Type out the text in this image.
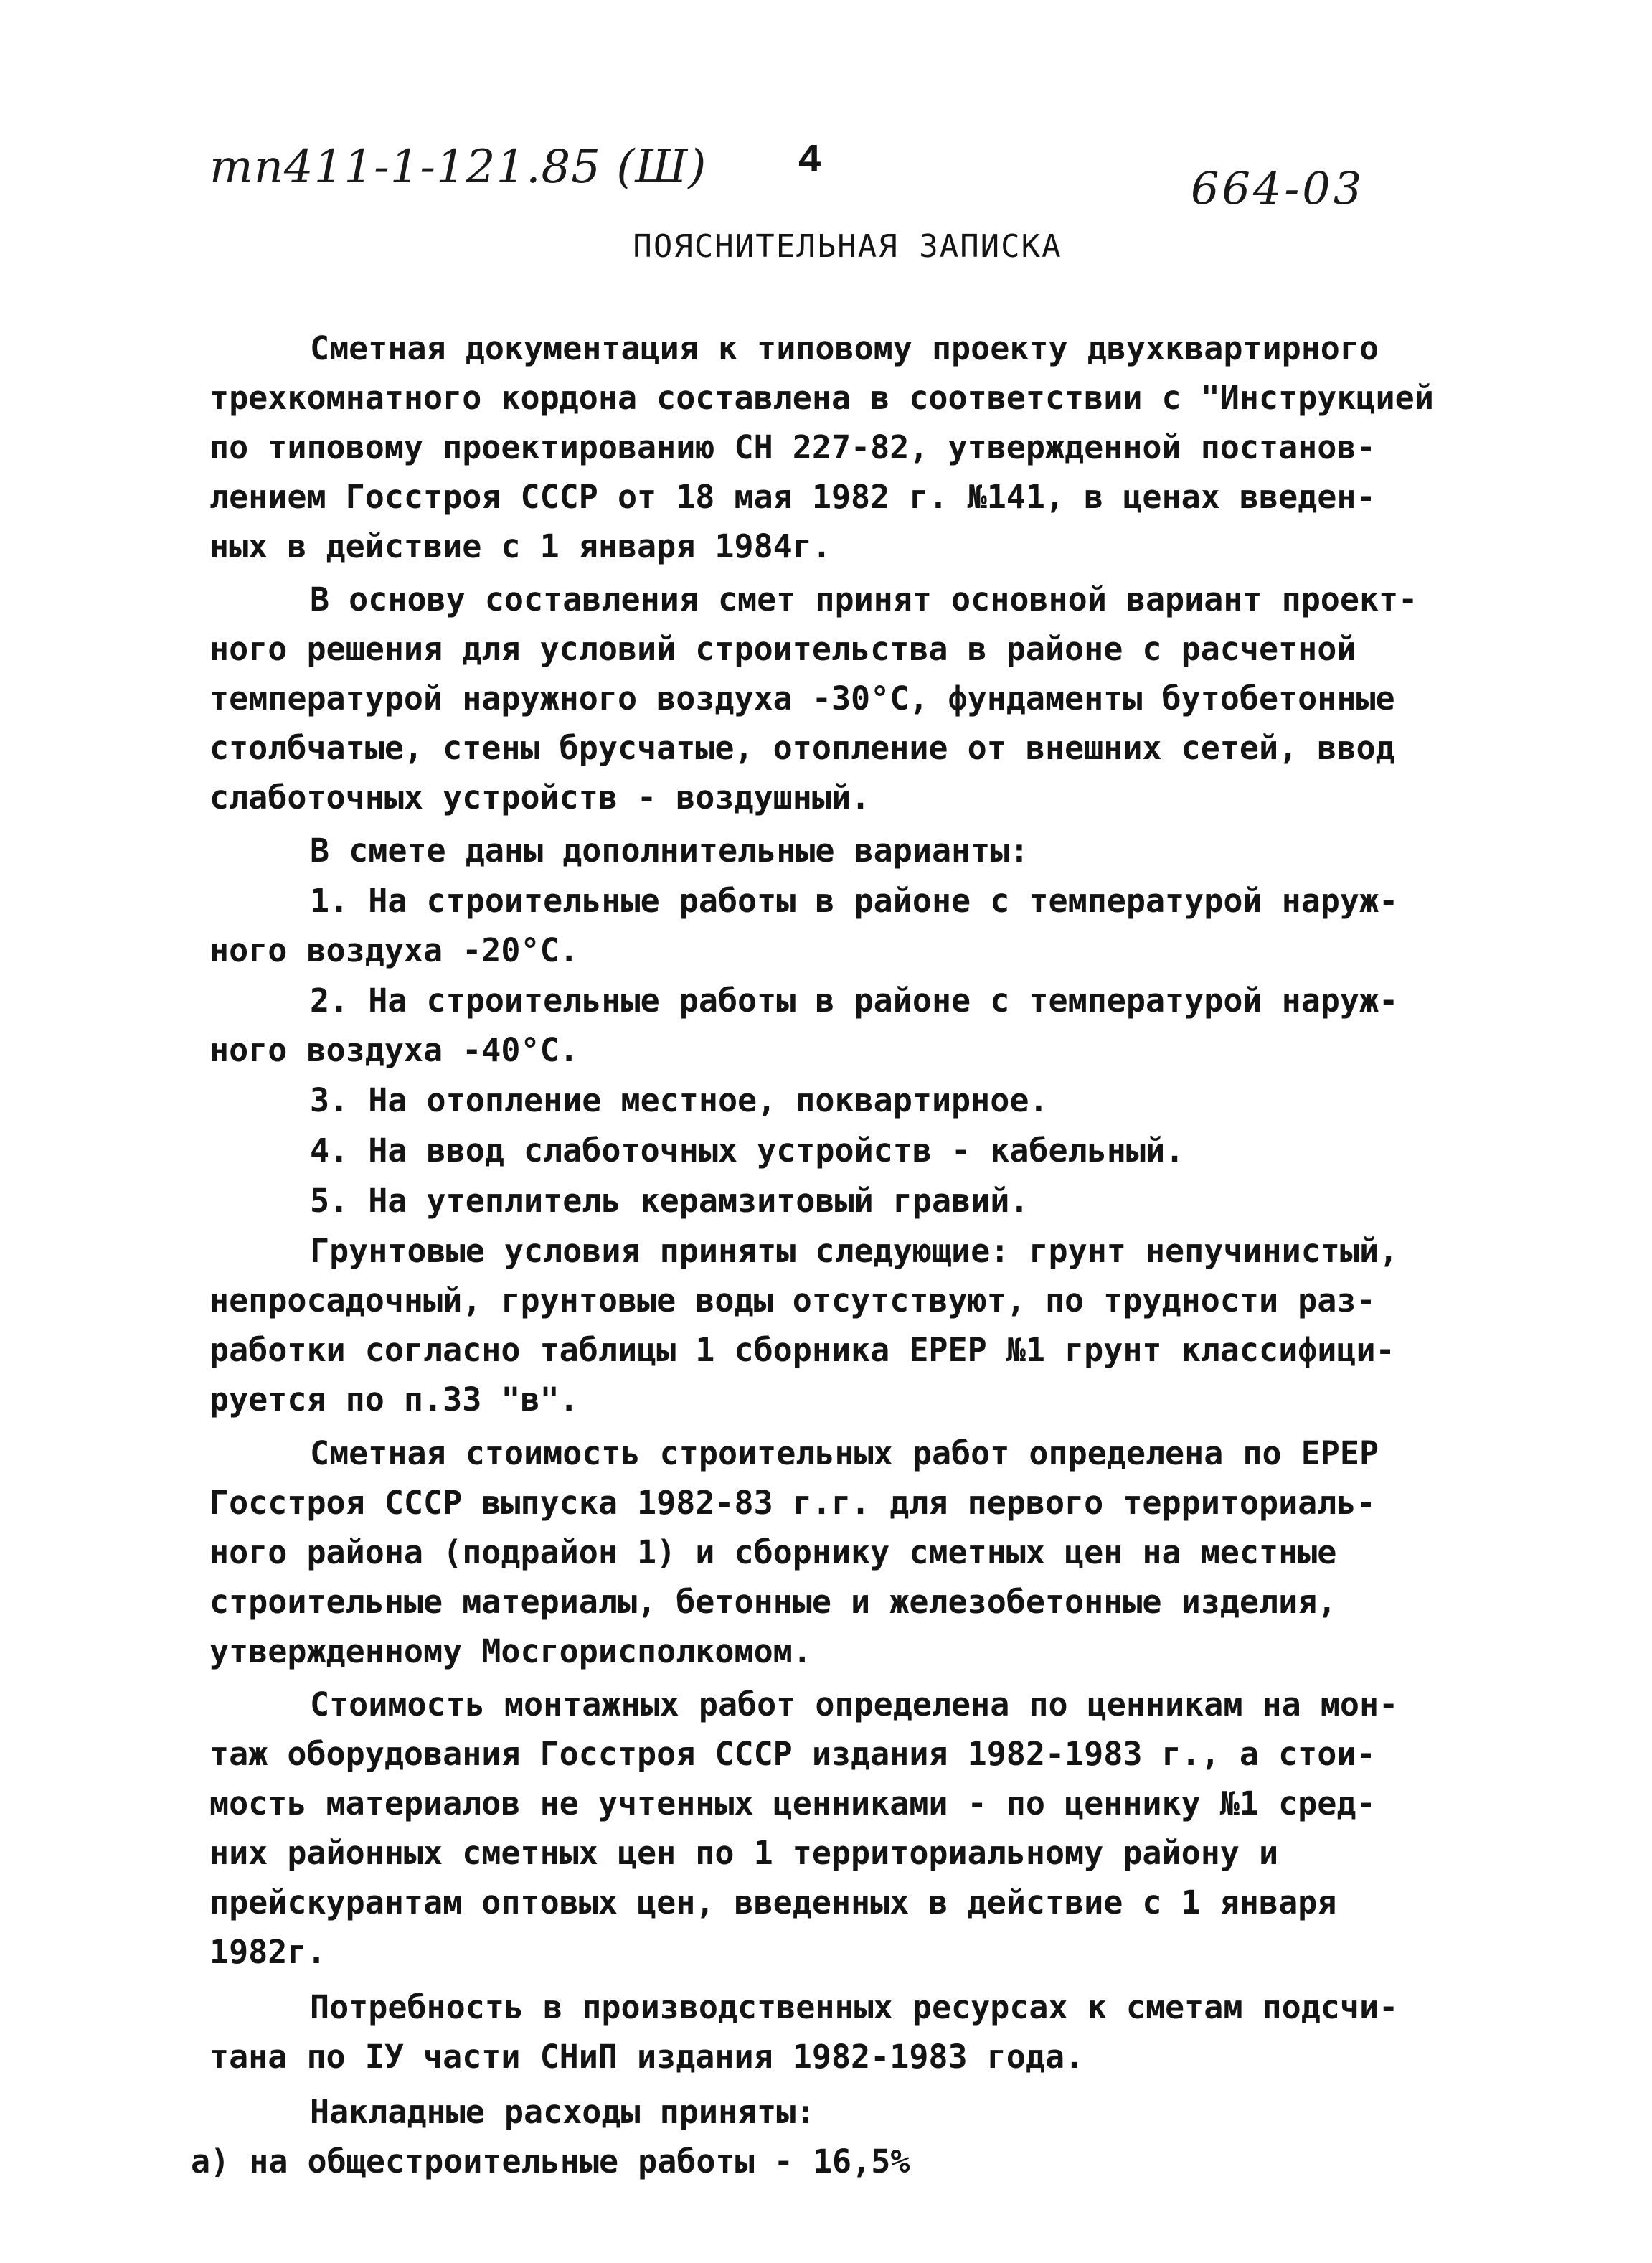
тп411-1-121.85 (Ш) 4
664-03
ПОЯСНИТЕЛЬНАЯ ЗАПИСКА
Сметная документация к типовому проекту двухквартирного
трехкомнатного кордона составлена в соответствии с "Инструкцией
по типовому проектированию СН 227-82, утвержденной постанов-
лением Госстроя СССР от 18 мая 1982 г. №141, в ценах введен-
ных в действие с 1 января 1984г.
В основу составления смет принят основной вариант проект-
ного решения для условий строительства в районе с расчетной
температурой наружного воздуха -30°С, фундаменты бутобетонные
столбчатые, стены брусчатые, отопление от внешних сетей, ввод
слаботочных устройств - воздушный.
В смете даны дополнительные варианты:
1. На строительные работы в районе с температурой наруж-
ного воздуха -20°С.
2. На строительные работы в районе с температурой наруж-
ного воздуха -40°С.
3. На отопление местное, поквартирное.
4. На ввод слаботочных устройств - кабельный.
5. На утеплитель керамзитовый гравий.
Грунтовые условия приняты следующие: грунт непучинистый,
непросадочный, грунтовые воды отсутствуют, по трудности раз-
работки согласно таблицы 1 сборника ЕРЕР №1 грунт классифици-
руется по п.33 "в".
Сметная стоимость строительных работ определена по ЕРЕР
Госстроя СССР выпуска 1982-83 г.г. для первого территориаль-
ного района (подрайон 1) и сборнику сметных цен на местные
строительные материалы, бетонные и железобетонные изделия,
утвержденному Мосгорисполкомом.
Стоимость монтажных работ определена по ценникам на мон-
таж оборудования Госстроя СССР издания 1982-1983 г., а стои-
мость материалов не учтенных ценниками - по ценнику №1 сред-
них районных сметных цен по 1 территориальному району и
прейскурантам оптовых цен, введенных в действие с 1 января
1982г.
Потребность в производственных ресурсах к сметам подсчи-
тана по IУ части СНиП издания 1982-1983 года.
Накладные расходы приняты:
а) на общестроительные работы - 16,5%
